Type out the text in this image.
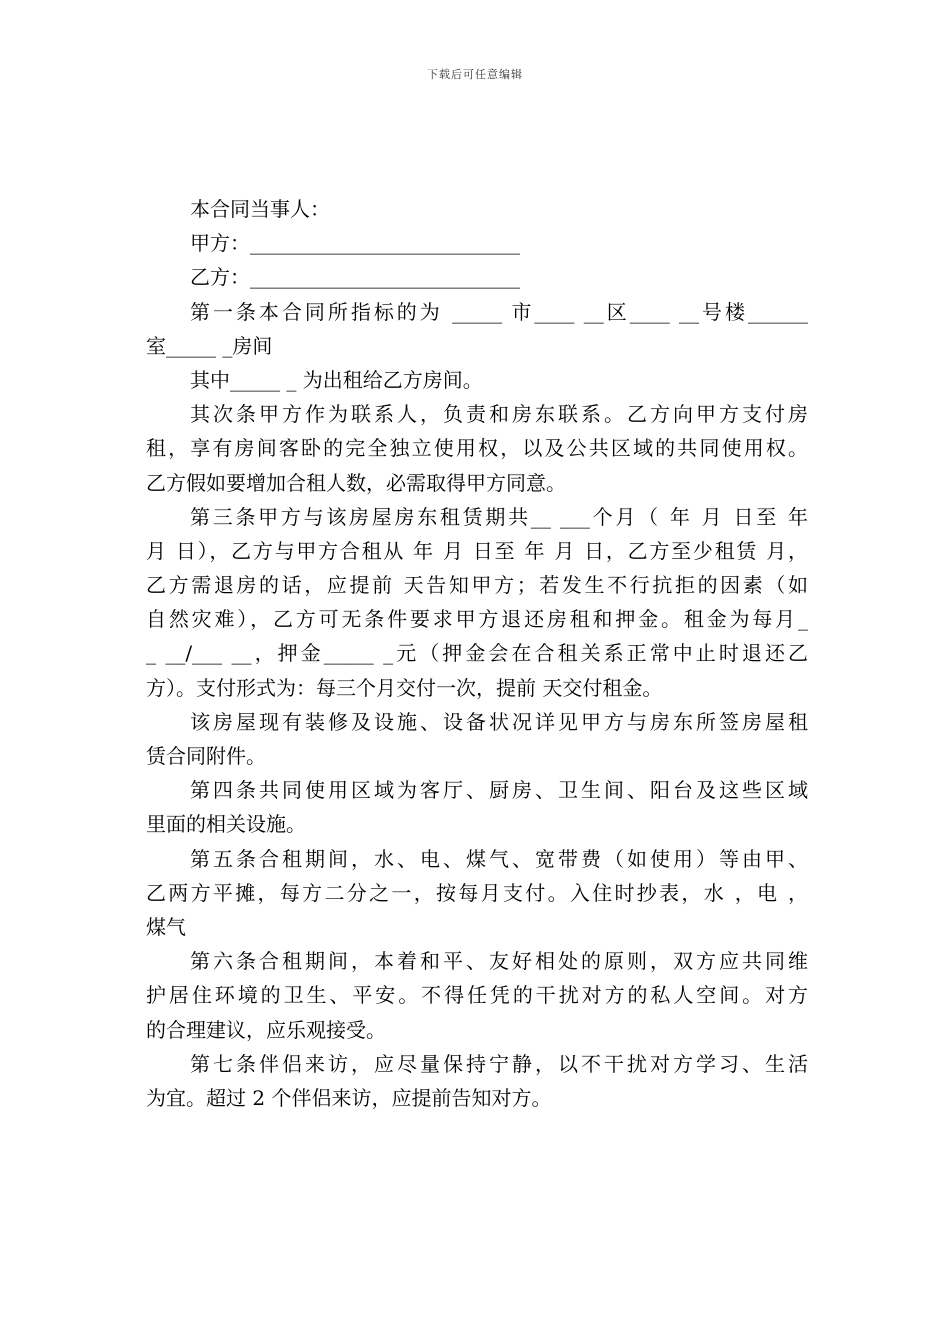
下载后可任意编辑
本合同当事人：
甲方：___________________________
乙方：___________________________
第一条本合同所指标的为 _____ 市____ __区____ __号楼______
室_____ _房间
其中_____ _ 为出租给乙方房间。
其次条甲方作为联系人，负责和房东联系。乙方向甲方支付房
租，享有房间客卧的完全独立使用权，以及公共区域的共同使用权。
乙方假如要增加合租人数，必需取得甲方同意。
第三条甲方与该房屋房东租赁期共__ ___个月（ 年 月 日至 年
月 日），乙方与甲方合租从 年 月 日至 年 月 日，乙方至少租赁 月，
乙方需退房的话，应提前 天告知甲方；若发生不行抗拒的因素（如
自然灾难），乙方可无条件要求甲方退还房租和押金。租金为每月_
_ __/___ __，押金_____ _元（押金会在合租关系正常中止时退还乙
方）。支付形式为：每三个月交付一次，提前 天交付租金。
该房屋现有装修及设施、设备状况详见甲方与房东所签房屋租
赁合同附件。
第四条共同使用区域为客厅、厨房、卫生间、阳台及这些区域
里面的相关设施。
第五条合租期间，水、电、煤气、宽带费（如使用）等由甲、
乙两方平摊，每方二分之一，按每月支付。入住时抄表，水 ，电 ，
煤气
第六条合租期间，本着和平、友好相处的原则，双方应共同维
护居住环境的卫生、平安。不得任凭的干扰对方的私人空间。对方
的合理建议，应乐观接受。
第七条伴侣来访，应尽量保持宁静，以不干扰对方学习、生活
为宜。超过 2 个伴侣来访，应提前告知对方。
